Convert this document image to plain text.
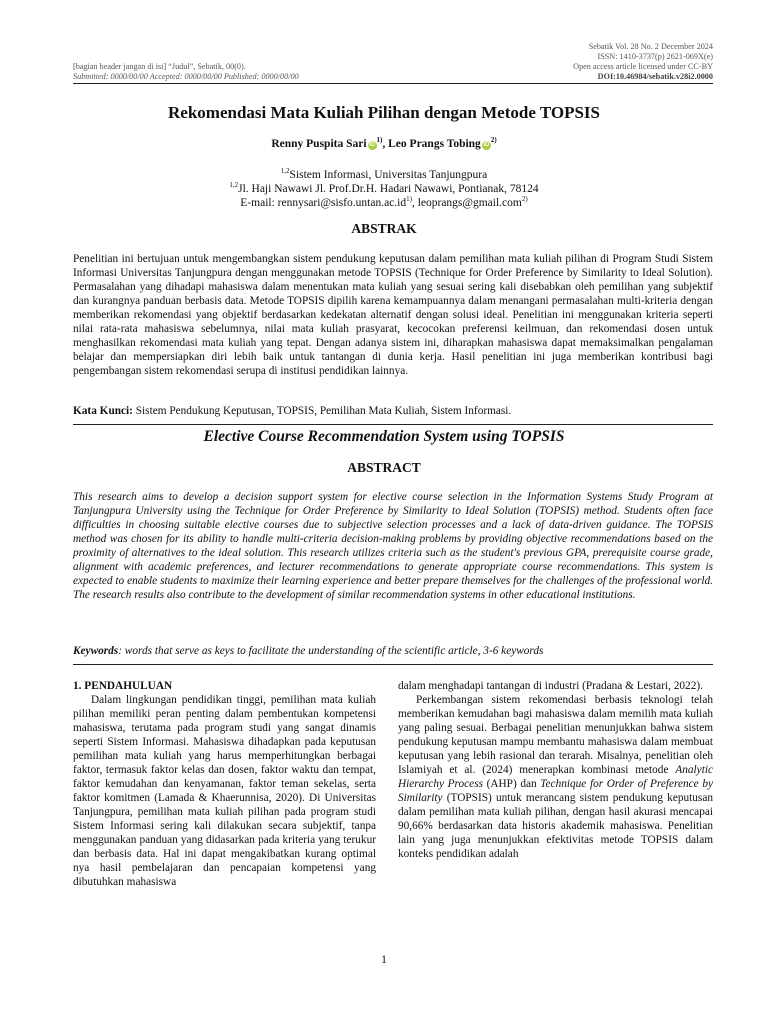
[bagian header jangan di isi] “Judul”, Sebatik, 00(0).
Submitted: 0000/00/00 Accepted: 0000/00/00 Published: 0000/00/00
Sebatik Vol. 28 No. 2 December 2024
ISSN: 1410-3737(p) 2621-069X(e)
Open access article licensed under CC-BY
DOI:10.46984/sebatik.v28i2.0000
Rekomendasi Mata Kuliah Pilihan dengan Metode TOPSIS
Renny Puspita Sari $iD^{1)}$, Leo Prangs Tobing $iD^{2)}$
$^{1,2}$Sistem Informasi, Universitas Tanjungpura
$^{1,2}$Jl. Haji Nawawi Jl. Prof.Dr.H. Hadari Nawawi, Pontianak, 78124
E-mail: $rennysari@sisfo.untan.ac.id^{1)}$, leoprangs@gmail.com$^{2)}$
ABSTRAK
Penelitian ini bertujuan untuk mengembangkan sistem pendukung keputusan dalam pemilihan mata kuliah pilihan di Program Studi Sistem Informasi Universitas Tanjungpura dengan menggunakan metode TOPSIS (Technique for Order Preference by Similarity to Ideal Solution). Permasalahan yang dihadapi mahasiswa dalam menentukan mata kuliah yang sesuai sering kali disebabkan oleh pemilihan yang subjektif dan kurangnya panduan berbasis data. Metode TOPSIS dipilih karena kemampuannya dalam menangani permasalahan multi-kriteria dengan memberikan rekomendasi yang objektif berdasarkan kedekatan alternatif dengan solusi ideal. Penelitian ini menggunakan kriteria seperti nilai rata-rata mahasiswa sebelumnya, nilai mata kuliah prasyarat, kecocokan preferensi keilmuan, dan rekomendasi dosen untuk menghasilkan rekomendasi mata kuliah yang tepat. Dengan adanya sistem ini, diharapkan mahasiswa dapat memaksimalkan pengalaman belajar dan mempersiapkan diri lebih baik untuk tantangan di dunia kerja. Hasil penelitian ini juga memberikan kontribusi bagi pengembangan sistem rekomendasi serupa di institusi pendidikan lainnya.
Kata Kunci: Sistem Pendukung Keputusan, TOPSIS, Pemilihan Mata Kuliah, Sistem Informasi.
Elective Course Recommendation System using TOPSIS
ABSTRACT
This research aims to develop a decision support system for elective course selection in the Information Systems Study Program at Tanjungpura University using the Technique for Order Preference by Similarity to Ideal Solution (TOPSIS) method. Students often face difficulties in choosing suitable elective courses due to subjective selection processes and a lack of data-driven guidance. The TOPSIS method was chosen for its ability to handle multi-criteria decision-making problems by providing objective recommendations based on the proximity of alternatives to the ideal solution. This research utilizes criteria such as the student's previous GPA, prerequisite course grade, alignment with academic preferences, and lecturer recommendations to generate appropriate course recommendations. This system is expected to enable students to maximize their learning experience and better prepare themselves for the challenges of the professional world. The research results also contribute to the development of similar recommendation systems in other educational institutions.
Keywords: words that serve as keys to facilitate the understanding of the scientific article, 3-6 keywords

1. PENDAHULUAN

Dalam lingkungan pendidikan tinggi, pemilihan mata kuliah pilihan memiliki peran penting dalam pembentukan kompetensi mahasiswa, terutama pada program studi yang sangat dinamis seperti Sistem Informasi. Mahasiswa dihadapkan pada keputusan pemilihan mata kuliah yang harus memperhitungkan berbagai faktor, termasuk faktor kelas dan dosen, faktor waktu dan tempat, faktor kemudahan dan kenyamanan, faktor teman sekelas, serta faktor komitmen (Lamada & Khaerunnisa, 2020). Di Universitas Tanjungpura, pemilihan mata kuliah pilihan pada program studi Sistem Informasi sering kali dilakukan secara subjektif, tanpa menggunakan panduan yang didasarkan pada kriteria yang terukur dan berbasis data. Hal ini dapat mengakibatkan kurang optimal nya hasil pembelajaran dan pencapaian kompetensi yang dibutuhkan mahasiswa

dalam menghadapi tantangan di industri (Pradana & Lestari, 2022).

Perkembangan sistem rekomendasi berbasis teknologi telah memberikan kemudahan bagi mahasiswa dalam memilih mata kuliah yang paling sesuai. Berbagai penelitian menunjukkan bahwa sistem pendukung keputusan mampu membantu mahasiswa dalam membuat keputusan yang lebih rasional dan terarah. Misalnya, penelitian oleh Islamiyah et al. (2024) menerapkan kombinasi metode Analytic Hierarchy Process (AHP) dan Technique for Order of Preference by Similarity (TOPSIS) untuk merancang sistem pendukung keputusan dalam pemilihan mata kuliah pilihan, dengan hasil akurasi mencapai 90,66% berdasarkan data historis akademik mahasiswa. Penelitian lain yang juga menunjukkan efektivitas metode TOPSIS dalam konteks pendidikan adalah

1
